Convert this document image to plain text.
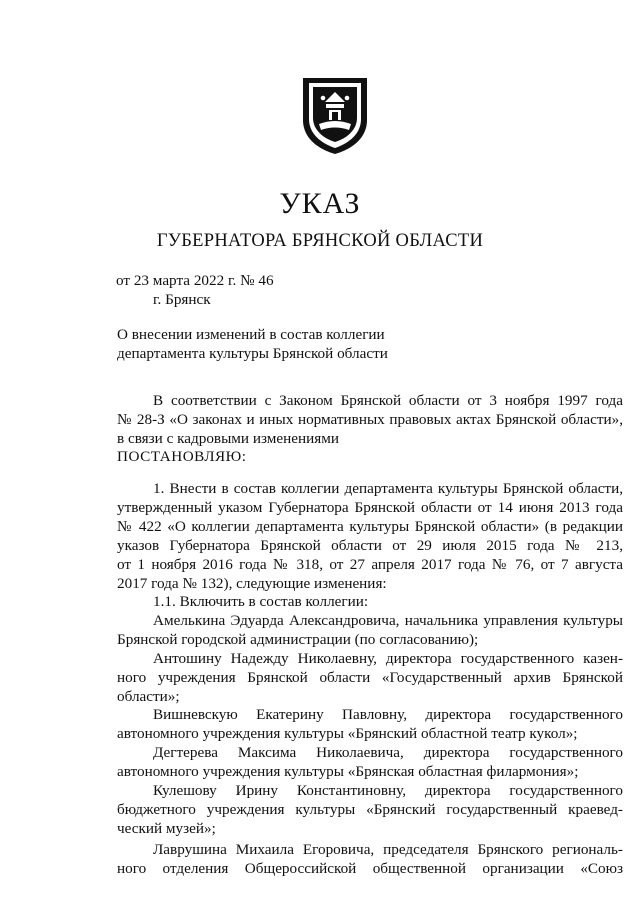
УКАЗ
ГУБЕРНАТОРА БРЯНСКОЙ ОБЛАСТИ
от 23 марта 2022 г. № 46
г. Брянск
О внесении изменений в состав коллегии
департамента культуры Брянской области
В соответствии с Законом Брянской области от 3 ноября 1997 года
№ 28-З «О законах и иных нормативных правовых актах Брянской области»,
в связи с кадровыми изменениями
ПОСТАНОВЛЯЮ:
1. Внести в состав коллегии департамента культуры Брянской области,
утвержденный указом Губернатора Брянской области от 14 июня 2013 года
№ 422 «О коллегии департамента культуры Брянской области» (в редакции
указов Губернатора Брянской области от 29 июля 2015 года № 213,
от 1 ноября 2016 года № 318, от 27 апреля 2017 года № 76, от 7 августа
2017 года № 132), следующие изменения:
1.1. Включить в состав коллегии:
Амелькина Эдуарда Александровича, начальника управления культуры
Брянской городской администрации (по согласованию);
Антошину Надежду Николаевну, директора государственного казен-
ного учреждения Брянской области «Государственный архив Брянской
области»;
Вишневскую Екатерину Павловну, директора государственного
автономного учреждения культуры «Брянский областной театр кукол»;
Дегтерева Максима Николаевича, директора государственного
автономного учреждения культуры «Брянская областная филармония»;
Кулешову Ирину Константиновну, директора государственного
бюджетного учреждения культуры «Брянский государственный краевед-
ческий музей»;
Лаврушина Михаила Егоровича, председателя Брянского региональ-
ного отделения Общероссийской общественной организации «Союз
